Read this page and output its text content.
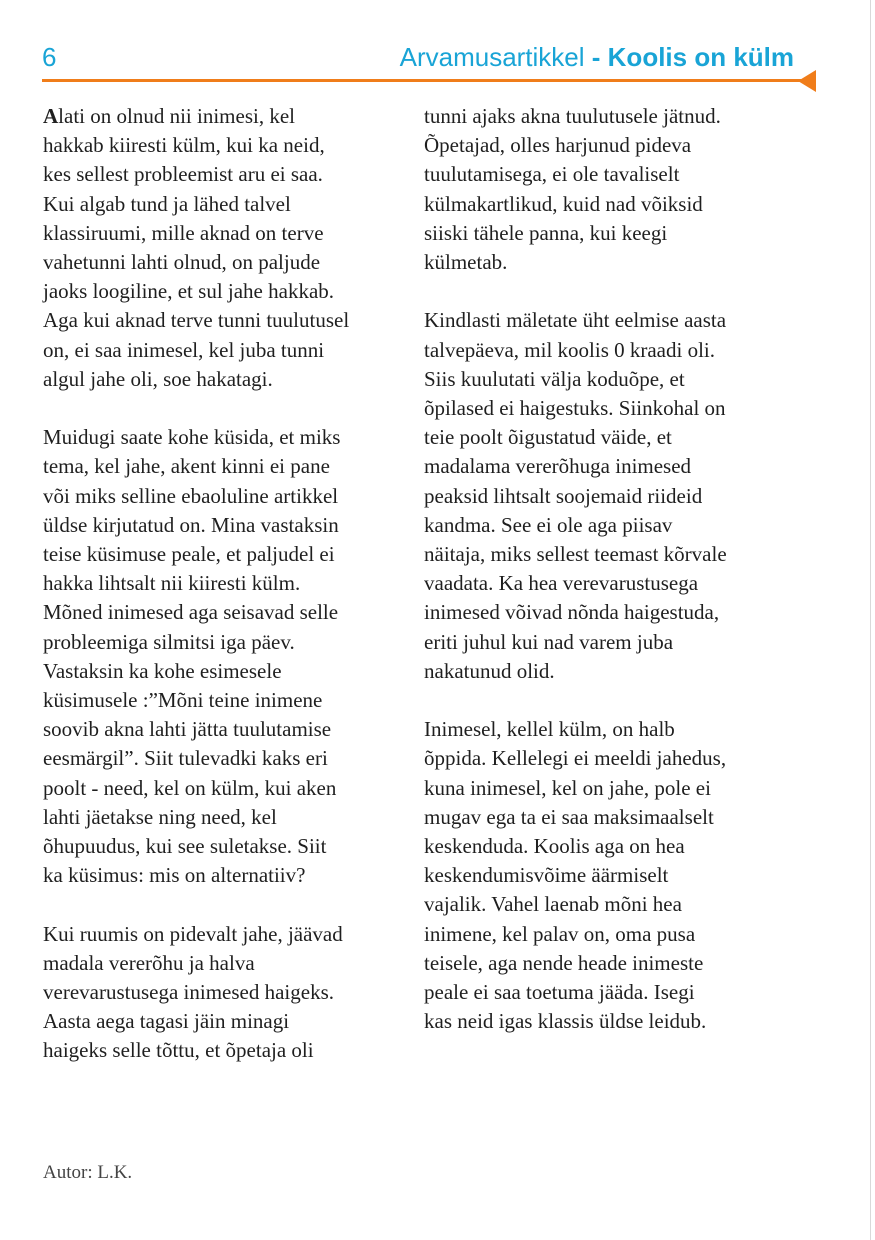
6	Arvamusartikkel - Koolis on külm
Alati on olnud nii inimesi, kel
hakkab kiiresti külm, kui ka neid,
kes sellest probleemist aru ei saa.
Kui algab tund ja lähed talvel
klassiruumi, mille aknad on terve
vahetunni lahti olnud, on paljude
jaoks loogiline, et sul jahe hakkab.
Aga kui aknad terve tunni tuulutusel
on, ei saa inimesel, kel juba tunni
algul jahe oli, soe hakatagi.
Muidugi saate kohe küsida, et miks
tema, kel jahe, akent kinni ei pane
või miks selline ebaoluline artikkel
üldse kirjutatud on. Mina vastaksin
teise küsimuse peale, et paljudel ei
hakka lihtsalt nii kiiresti külm.
Mõned inimesed aga seisavad selle
probleemiga silmitsi iga päev.
Vastaksin ka kohe esimesele
küsimusele :”Mõni teine inimene
soovib akna lahti jätta tuulutamise
eesmärgil”. Siit tulevadki kaks eri
poolt - need, kel on külm, kui aken
lahti jäetakse ning need, kel
õhupuudus, kui see suletakse. Siit
ka küsimus: mis on alternatiiv?
Kui ruumis on pidevalt jahe, jäävad
madala vererõhu ja halva
verevarustusega inimesed haigeks.
Aasta aega tagasi jäin minagi
haigeks selle tõttu, et õpetaja oli
tunni ajaks akna tuulutusele jätnud.
Õpetajad, olles harjunud pideva
tuulutamisega, ei ole tavaliselt
külmakartlikud, kuid nad võiksid
siiski tähele panna, kui keegi
külmetab.
Kindlasti mäletate üht eelmise aasta
talvepäeva, mil koolis 0 kraadi oli.
Siis kuulutati välja koduõpe, et
õpilased ei haigestuks. Siinkohal on
teie poolt õigustatud väide, et
madalama vererõhuga inimesed
peaksid lihtsalt soojemaid riideid
kandma. See ei ole aga piisav
näitaja, miks sellest teemast kõrvale
vaadata. Ka hea verevarustusega
inimesed võivad nõnda haigestuda,
eriti juhul kui nad varem juba
nakatunud olid.
Inimesel, kellel külm, on halb
õppida. Kellelegi ei meeldi jahedus,
kuna inimesel, kel on jahe, pole ei
mugav ega ta ei saa maksimaalselt
keskenduda. Koolis aga on hea
keskendumisvõime äärmiselt
vajalik. Vahel laenab mõni hea
inimene, kel palav on, oma pusa
teisele, aga nende heade inimeste
peale ei saa toetuma jääda. Isegi
kas neid igas klassis üldse leidub.
Autor: L.K.
